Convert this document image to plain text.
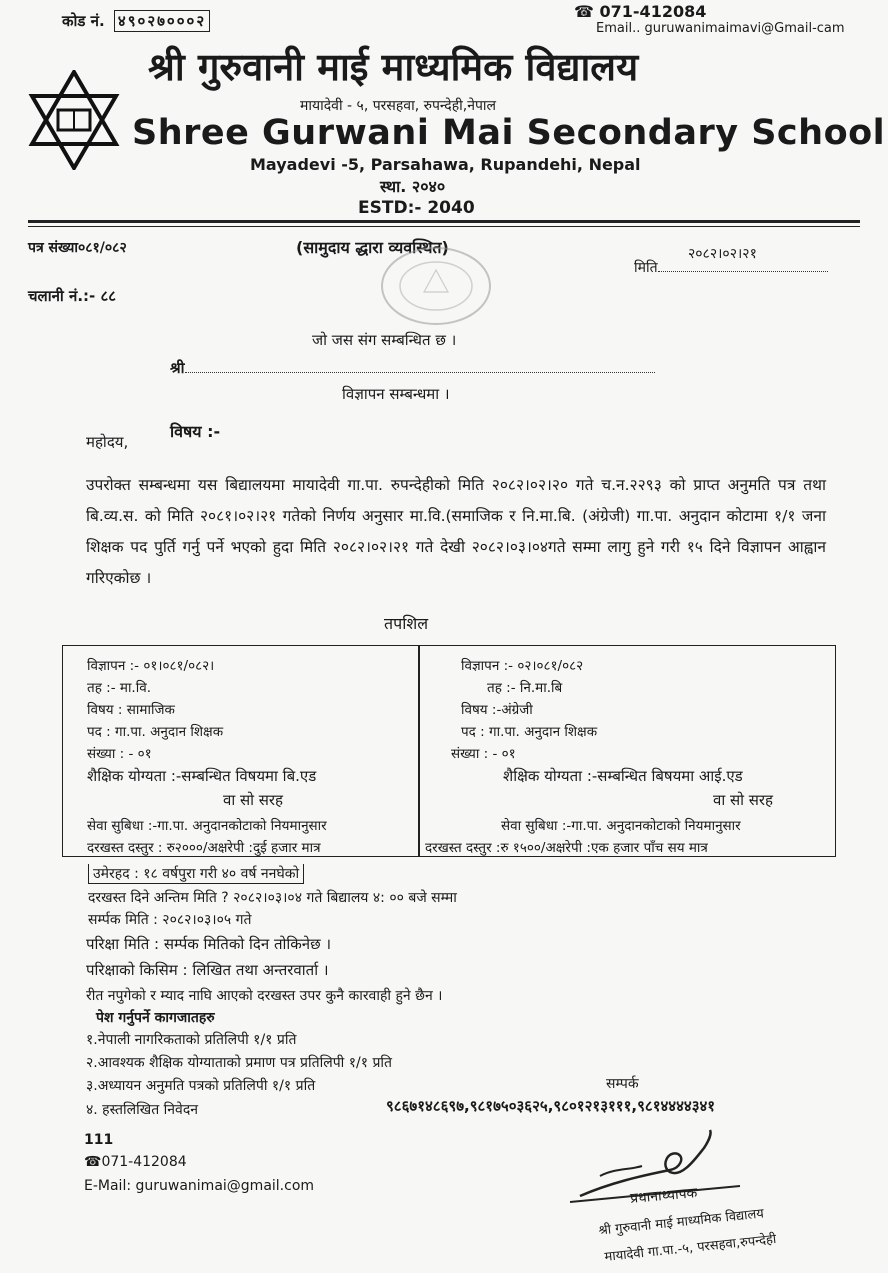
कोड नं. ४९०२७०००२	☎ 071-412084
Email.. guruwanimaimavi@Gmail-cam
श्री गुरुवानी माई माध्यमिक विद्यालय
मायादेवी - ५, परसहवा, रुपन्देही,नेपाल
Shree Gurwani Mai Secondary School
Mayadevi -5, Parsahawa, Rupandehi, Nepal
स्था. २०४०
ESTD:- 2040
पत्र संख्या०८१/०८२	(सामुदाय द्धारा व्यवस्थित)	२०८२।०२।२१
मिति
चलानी नं.:- ८८
जो जस संग सम्बन्धित छ ।
श्री
विज्ञापन सम्बन्धमा ।
विषय :-
महोदय,
उपरोक्त सम्बन्धमा यस बिद्यालयमा मायादेवी गा.पा. रुपन्देहीको मिति २०८२।०२।२० गते च.न.२२९३ को प्राप्त अनुमति पत्र तथा बि.व्य.स. को मिति २०८१।०२।२१ गतेको निर्णय अनुसार मा.वि.(समाजिक र नि.मा.बि. (अंग्रेजी) गा.पा. अनुदान कोटामा १/१ जना शिक्षक पद पुर्ति गर्नु पर्ने भएको हुदा मिति २०८२।०२।२१ गते देखी २०८२।०३।०४गते सम्मा लागु हुने गरी १५ दिने विज्ञापन आह्वान गरिएकोछ ।
तपशिल
विज्ञापन :- ०१।०८१/०८२।
तह :- मा.वि.
विषय : सामाजिक
पद : गा.पा. अनुदान शिक्षक
संख्या : - ०१
शैक्षिक योग्यता :-सम्बन्धित विषयमा बि.एड
वा सो सरह
सेवा सुबिधा :-गा.पा. अनुदानकोटाको नियमानुसार
दरखस्त दस्तुर : रु२०००/अक्षरेपी :दुई हजार मात्र
विज्ञापन :- ०२।०८१/०८२
तह :- नि.मा.बि
विषय :-अंग्रेजी
पद : गा.पा. अनुदान शिक्षक
संख्या : - ०१
शैक्षिक योग्यता :-सम्बन्धित बिषयमा आई.एड
वा सो सरह
सेवा सुबिधा :-गा.पा. अनुदानकोटाको नियमानुसार
दरखस्त दस्तुर :रु १५००/अक्षरेपी :एक हजार पाँच सय मात्र
उमेरहद : १८ वर्षपुरा गरी ४० वर्ष ननघेको
दरखस्त दिने अन्तिम मिति ? २०८२।०३।०४ गते बिद्यालय ४: ०० बजे सम्मा
सर्म्पक मिति : २०८२।०३।०५ गते
परिक्षा मिति : सर्म्पक मितिको दिन तोकिनेछ ।
परिक्षाको किसिम : लिखित तथा अन्तरवार्ता ।
रीत नपुगेको र म्याद नाघि आएको दरखस्त उपर कुनै कारवाही हुने छैन ।
पेश गर्नुपर्ने कागजातहरु
१.नेपाली नागरिकताको प्रतिलिपी १/१ प्रति
२.आवश्यक शैक्षिक योग्याताको प्रमाण पत्र प्रतिलिपी १/१ प्रति
३.अध्यायन अनुमति पत्रको प्रतिलिपी १/१ प्रति
४. हस्तलिखित निवेदन
सम्पर्क
९८६७१४८६९७,९८१७५०३६२५,९८०१२१३१११,९८१४४४४३४१
111
☎071-412084
E-Mail: guruwanimai@gmail.com	प्रधानाध्यापक
श्री गुरुवानी माई माध्यमिक विद्यालय
मायादेवी गा.पा.-५, परसहवा,रुपन्देही
